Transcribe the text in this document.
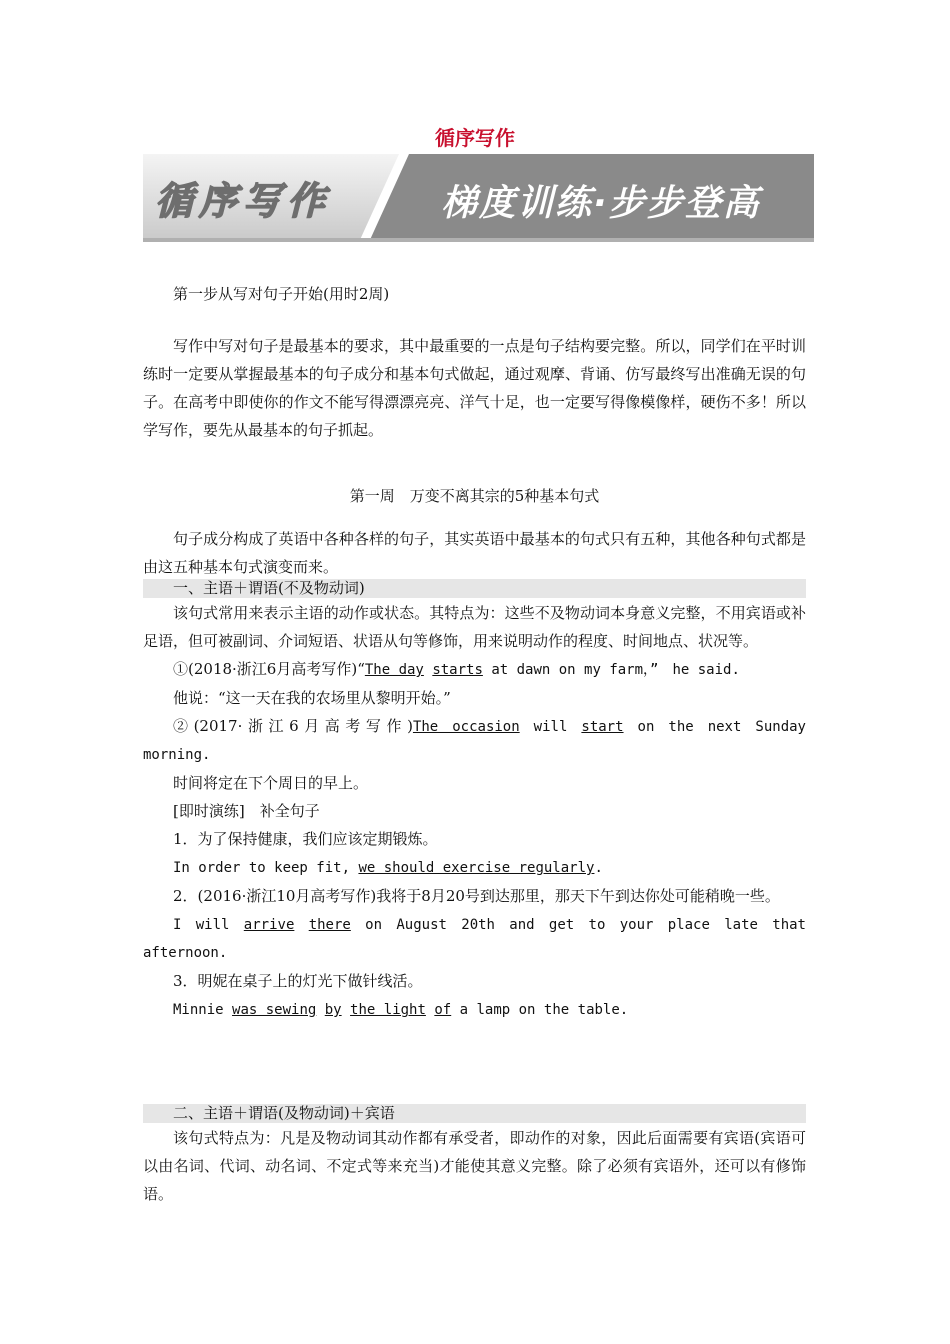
循序写作
循序写作	梯度训练·步步登高

第一步从写对句子开始(用时2周)

写作中写对句子是最基本的要求，其中最重要的一点是句子结构要完整。所以，同学们在平时训练时一定要从掌握最基本的句子成分和基本句式做起，通过观摩、背诵、仿写最终写出准确无误的句子。在高考中即使你的作文不能写得漂漂亮亮、洋气十足，也一定要写得像模像样，硬伤不多！所以学写作，要先从最基本的句子抓起。

第一周　万变不离其宗的5种基本句式

句子成分构成了英语中各种各样的句子，其实英语中最基本的句式只有五种，其他各种句式都是由这五种基本句式演变而来。

一、主语＋谓语(不及物动词)

该句式常用来表示主语的动作或状态。其特点为：这些不及物动词本身意义完整，不用宾语或补足语，但可被副词、介词短语、状语从句等修饰，用来说明动作的程度、时间地点、状况等。

①(2018·浙江6月高考写作)“The day starts at dawn on my farm，”　he said.

他说：“这一天在我的农场里从黎明开始。”

②(2017·浙江6月高考写作)The occasion will start on the next Sunday

morning.

时间将定在下个周日的早上。

[即时演练]　补全句子

1．为了保持健康，我们应该定期锻炼。

In order to keep fit, we should exercise regularly.

2．(2016·浙江10月高考写作)我将于8月20号到达那里，那天下午到达你处可能稍晚一些。

I will arrive there on August 20th and get to your place late that

afternoon.

3．明妮在桌子上的灯光下做针线活。

Minnie was sewing by the light of a lamp on the table.

二、主语＋谓语(及物动词)＋宾语

该句式特点为：凡是及物动词其动作都有承受者，即动作的对象，因此后面需要有宾语(宾语可以由名词、代词、动名词、不定式等来充当)才能使其意义完整。除了必须有宾语外，还可以有修饰语。
